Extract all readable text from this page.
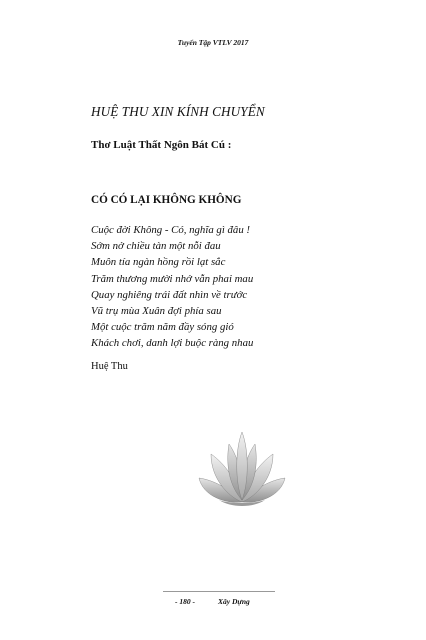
Tuyển Tập VTLV 2017
HUỆ THU XIN KÍNH CHUYỂN
Thơ Luật Thất Ngôn Bát Cú :
CÓ CÓ LẠI KHÔNG KHÔNG
Cuộc đời Không - Có, nghĩa gì đâu !
Sớm nở chiều tàn một nỗi đau
Muôn tía ngàn hồng rồi lạt sắc
Trăm thương mười nhớ vẫn phai mau
Quay nghiêng trái đất nhìn về trước
Vũ trụ mùa Xuân đợi phía sau
Một cuộc trăm năm đầy sóng gió
Khách chơi, danh lợi buộc ràng nhau
Huệ Thu
- 180 -	Xây Dựng
